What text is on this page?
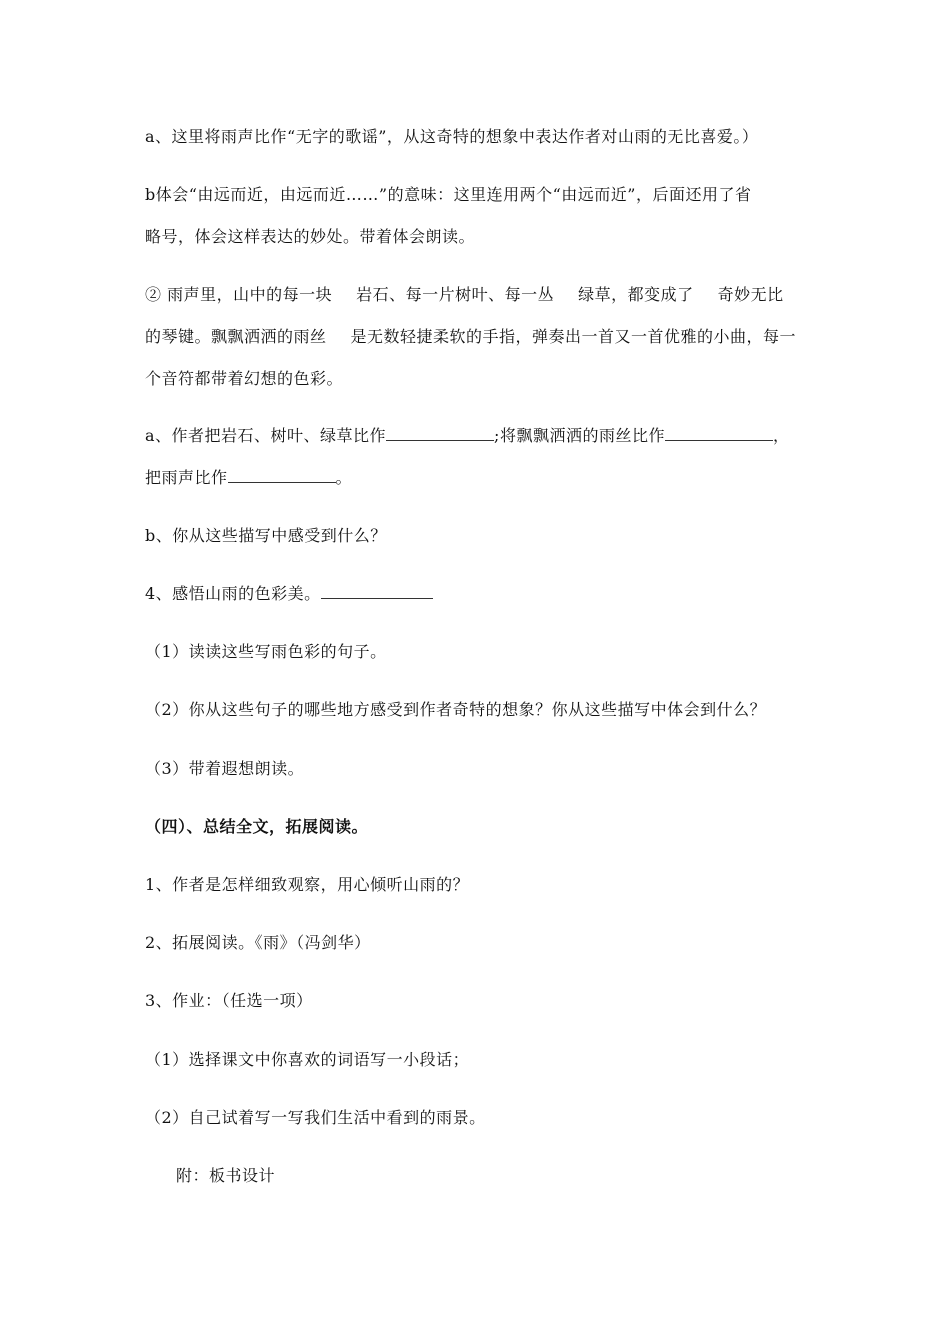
a、这里将雨声比作“无字的歌谣”，从这奇特的想象中表达作者对山雨的无比喜爱。）
b体会“由远而近，由远而近……”的意味：这里连用两个“由远而近”，后面还用了省
略号，体会这样表达的妙处。带着体会朗读。
② 雨声里，山中的每一块 岩石、每一片树叶、每一丛 绿草，都变成了 奇妙无比
的琴键。飘飘洒洒的雨丝 是无数轻捷柔软的手指，弹奏出一首又一首优雅的小曲，每一
个音符都带着幻想的色彩。
a、作者把岩石、树叶、绿草比作	;将飘飘洒洒的雨丝比作	，
把雨声比作	。
b、你从这些描写中感受到什么？
4、感悟山雨的色彩美。
（1）读读这些写雨色彩的句子。
（2）你从这些句子的哪些地方感受到作者奇特的想象？你从这些描写中体会到什么？
（3）带着遐想朗读。
（四）、总结全文，拓展阅读。
1、作者是怎样细致观察，用心倾听山雨的？
2、拓展阅读。《雨》（冯剑华）
3、作业：（任选一项）
（1）选择课文中你喜欢的词语写一小段话；
（2）自己试着写一写我们生活中看到的雨景。
附：板书设计
